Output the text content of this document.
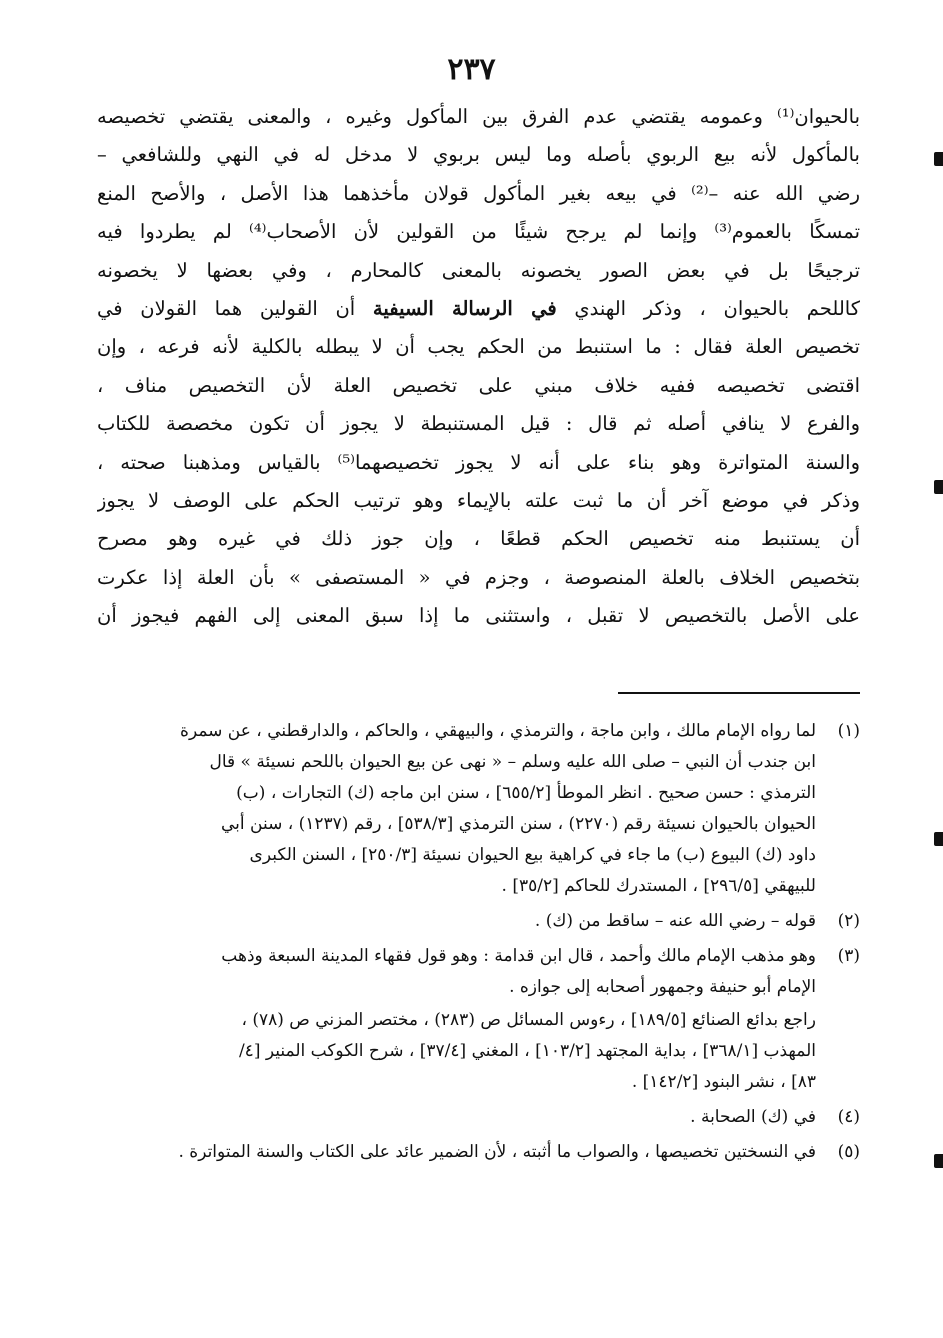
٢٣٧
بالحيوان⁽¹⁾ وعمومه يقتضي عدم الفرق بين المأكول وغيره ، والمعنى يقتضي تخصيصه
بالمأكول لأنه بيع الربوي بأصله وما ليس بربوي لا مدخل له في النهي وللشافعي –
رضي الله عنه –⁽²⁾ في بيعه بغير المأكول قولان مأخذهما هذا الأصل ، والأصح المنع
تمسكًا بالعموم⁽³⁾ وإنما لم يرجح شيئًا من القولين لأن الأصحاب⁽⁴⁾ لم يطردوا فيه
ترجيحًا بل في بعض الصور يخصونه بالمعنى كالمحارم ، وفي بعضها لا يخصونه
كاللحم بالحيوان ، وذكر الهندي في الرسالة السيفية أن القولين هما القولان في
تخصيص العلة فقال : ما استنبط من الحكم يجب أن لا يبطله بالكلية لأنه فرعه ، وإن
اقتضى تخصيصه ففيه خلاف مبني على تخصيص العلة لأن التخصيص مناف ،
والفرع لا ينافي أصله ثم قال : قيل المستنبطة لا يجوز أن تكون مخصصة للكتاب
والسنة المتواترة وهو بناء على أنه لا يجوز تخصيصهما⁽⁵⁾ بالقياس ومذهبنا صحته ،
وذكر في موضع آخر أن ما ثبت علته بالإيماء وهو ترتيب الحكم على الوصف لا يجوز
أن يستنبط منه تخصيص الحكم قطعًا ، وإن جوز ذلك في غيره وهو مصرح
بتخصيص الخلاف بالعلة المنصوصة ، وجزم في « المستصفى » بأن العلة إذا عكرت
على الأصل بالتخصيص لا تقبل ، واستثنى ما إذا سبق المعنى إلى الفهم فيجوز أن
(١)
لما رواه الإمام مالك ، وابن ماجة ، والترمذي ، والبيهقي ، والحاكم ، والدارقطني ، عن سمرة
ابن جندب أن النبي – صلى الله عليه وسلم – « نهى عن بيع الحيوان باللحم نسيئة » قال
الترمذي : حسن صحيح . انظر الموطأ [٦٥٥/٢] ، سنن ابن ماجه (ك) التجارات ، (ب)
الحيوان بالحيوان نسيئة رقم (٢٢٧٠) ، سنن الترمذي [٥٣٨/٣] ، رقم (١٢٣٧) ، سنن أبي
داود (ك) البيوع (ب) ما جاء في كراهية بيع الحيوان نسيئة [٢٥٠/٣] ، السنن الكبرى
للبيهقي [٢٩٦/٥] ، المستدرك للحاكم [٣٥/٢] .
(٢)
قوله – رضي الله عنه – ساقط من (ك) .
(٣)
وهو مذهب الإمام مالك وأحمد ، قال ابن قدامة : وهو قول فقهاء المدينة السبعة وذهب
الإمام أبو حنيفة وجمهور أصحابه إلى جوازه .
راجع بدائع الصنائع [١٨٩/٥] ، رءوس المسائل ص (٢٨٣) ، مختصر المزني ص (٧٨) ،
المهذب [٣٦٨/١] ، بداية المجتهد [١٠٣/٢] ، المغني [٣٧/٤] ، شرح الكوكب المنير [٤/
٨٣] ، نشر البنود [١٤٢/٢] .
(٤)
في (ك) الصحابة .
(٥)
في النسختين تخصيصها ، والصواب ما أثبته ، لأن الضمير عائد على الكتاب والسنة المتواترة .
